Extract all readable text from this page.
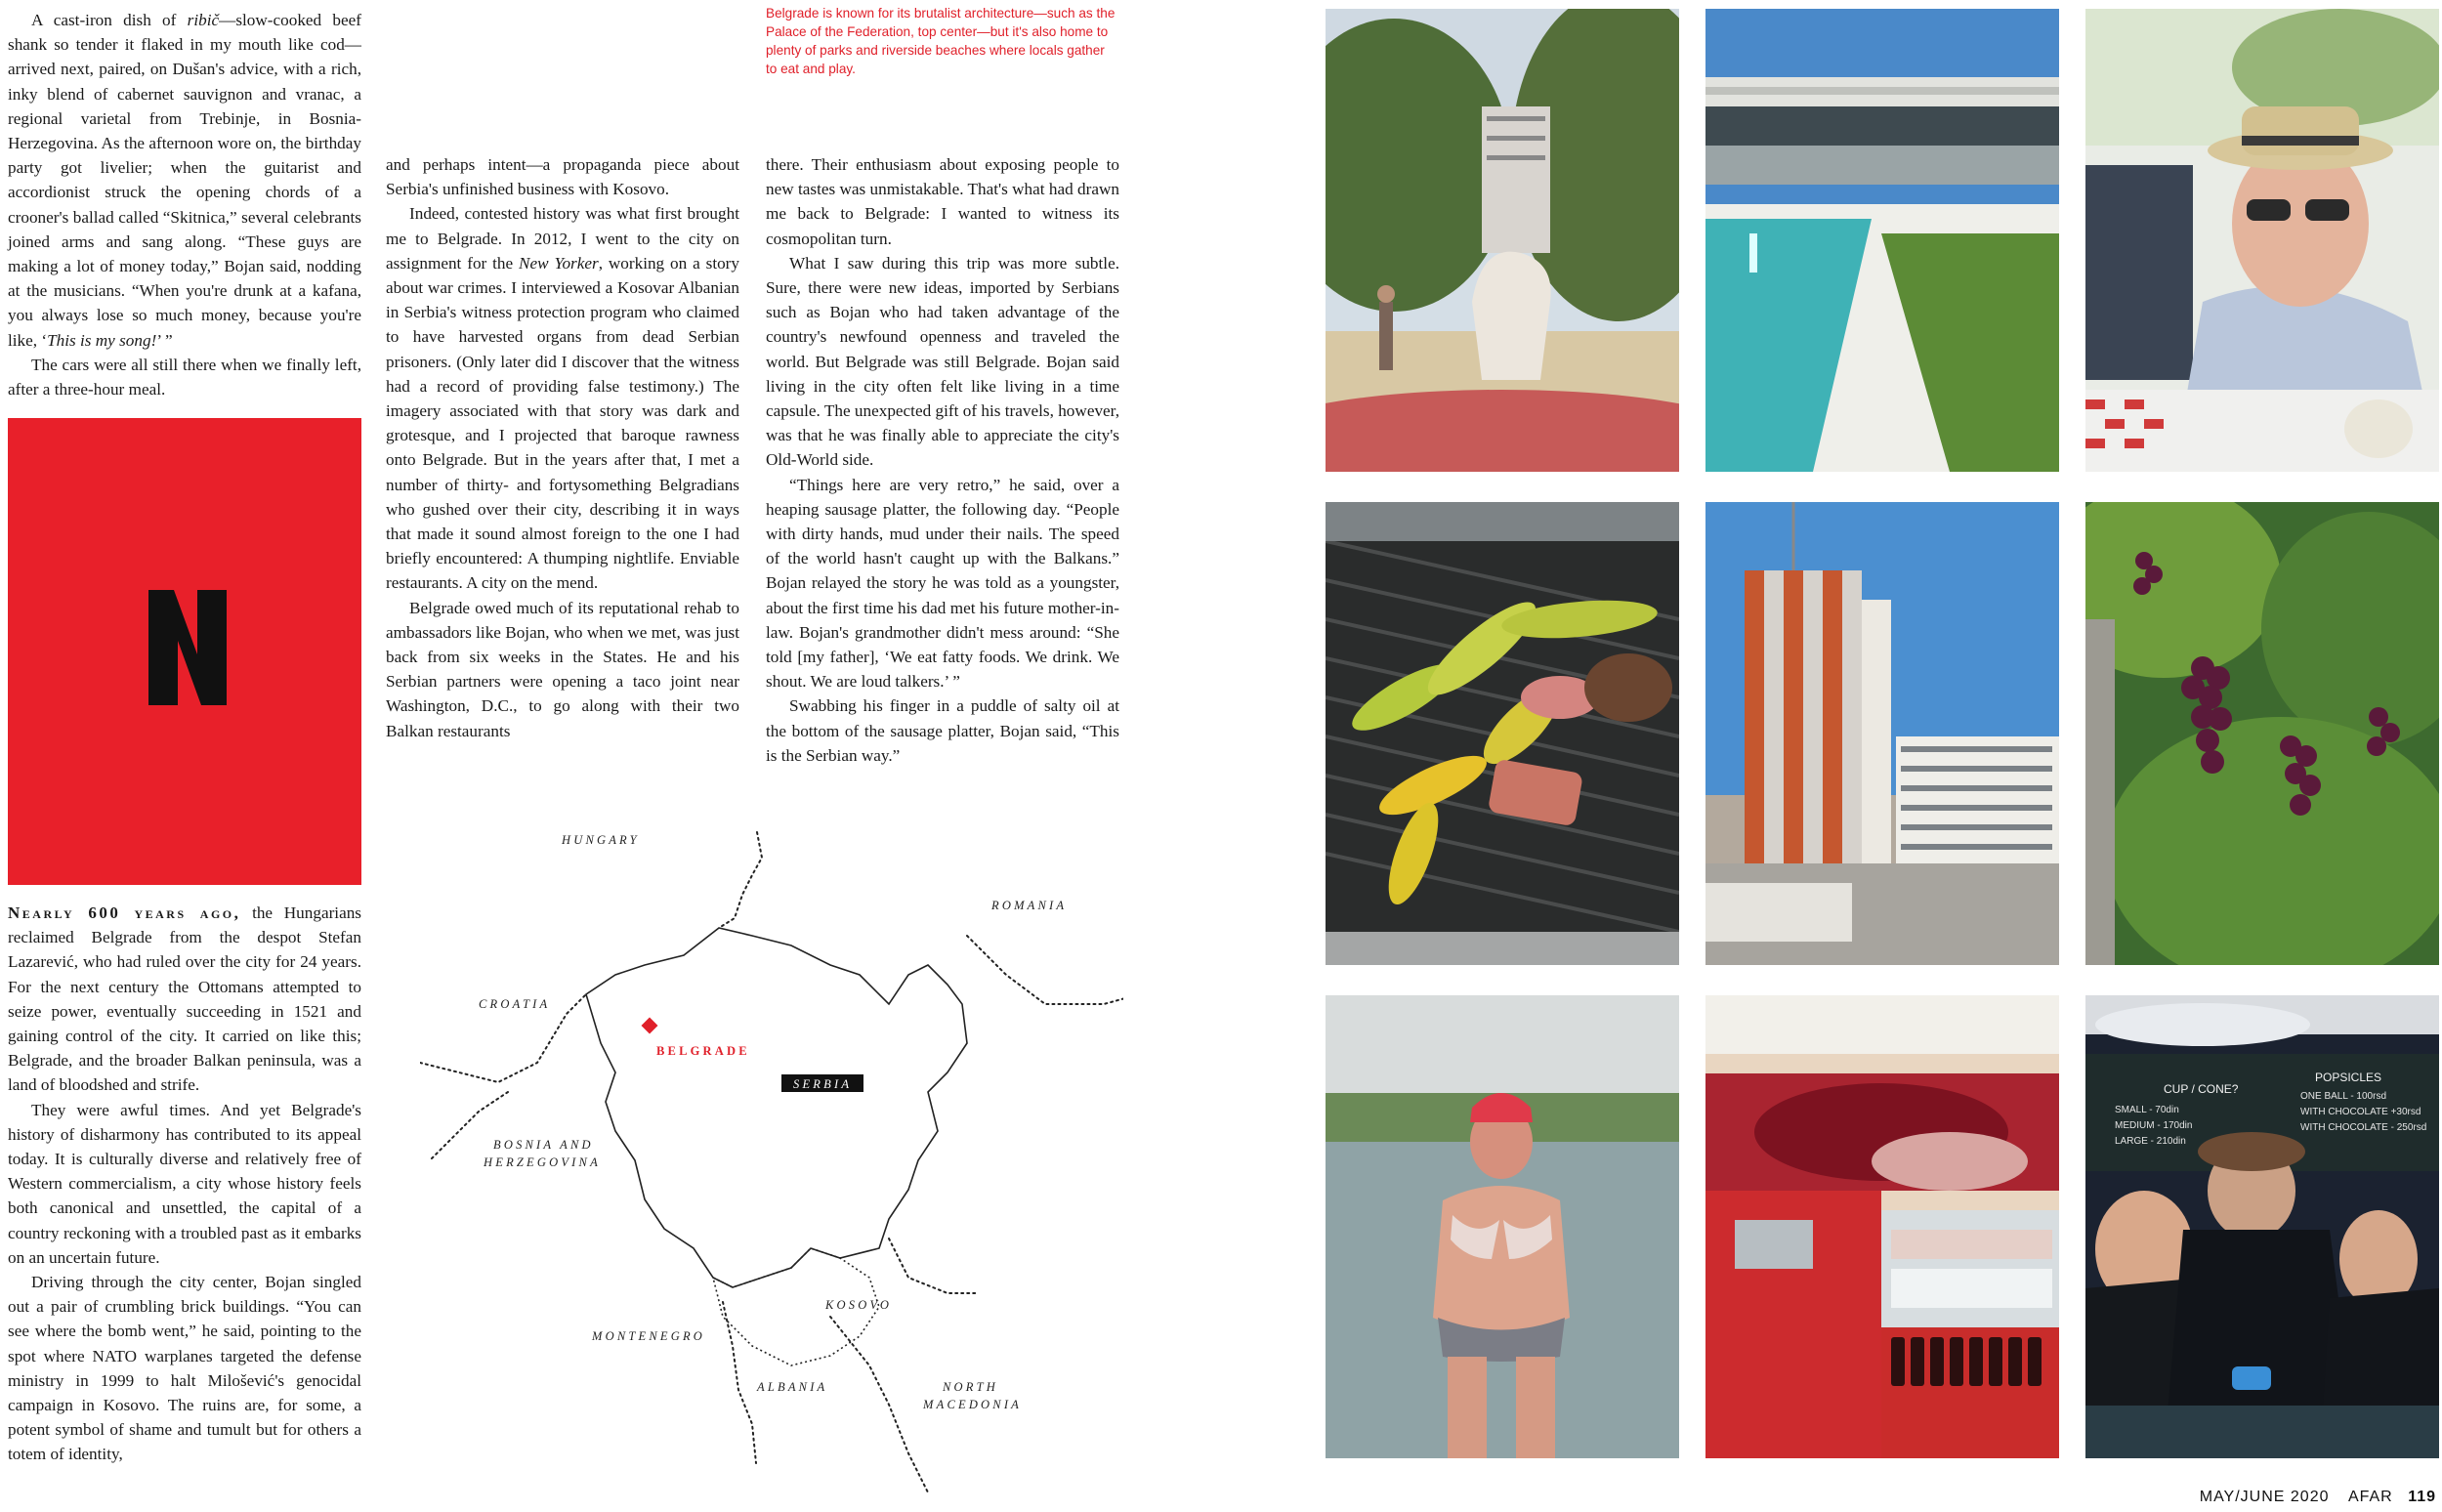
Belgrade is known for its brutalist architecture—such as the Palace of the Federation, top center—but it's also home to plenty of parks and riverside beaches where locals gather to eat and play.

A cast-iron dish of ribič—slow-cooked beef shank so tender it flaked in my mouth like cod—arrived next, paired, on Dušan's advice, with a rich, inky blend of cabernet sauvignon and vranac, a regional varietal from Trebinje, in Bosnia-Herzegovina. As the afternoon wore on, the birthday party got livelier; when the guitarist and accordionist struck the opening chords of a crooner's ballad called “Skitnica,” several celebrants joined arms and sang along. “These guys are making a lot of money today,” Bojan said, nodding at the musicians. “When you're drunk at a kafana, you always lose so much money, because you're like, ‘This is my song!’ ”

The cars were all still there when we finally left, after a three-hour meal.

Nearly 600 years ago, the Hungarians reclaimed Belgrade from the despot Stefan Lazarević, who had ruled over the city for 24 years. For the next century the Ottomans attempted to seize power, eventually succeeding in 1521 and gaining control of the city. It carried on like this; Belgrade, and the broader Balkan peninsula, was a land of bloodshed and strife.

They were awful times. And yet Belgrade's history of disharmony has contributed to its appeal today. It is culturally diverse and relatively free of Western commercialism, a city whose history feels both canonical and unsettled, the capital of a country reckoning with a troubled past as it embarks on an uncertain future.

Driving through the city center, Bojan singled out a pair of crumbling brick buildings. “You can see where the bomb went,” he said, pointing to the spot where NATO warplanes targeted the defense ministry in 1999 to halt Milošević's genocidal campaign in Kosovo. The ruins are, for some, a potent symbol of shame and tumult but for others a totem of identity,

and perhaps intent—a propaganda piece about Serbia's unfinished business with Kosovo.

Indeed, contested history was what first brought me to Belgrade. In 2012, I went to the city on assignment for the New Yorker, working on a story about war crimes. I interviewed a Kosovar Albanian in Serbia's witness protection program who claimed to have harvested organs from dead Serbian prisoners. (Only later did I discover that the witness had a record of providing false testimony.) The imagery associated with that story was dark and grotesque, and I projected that baroque rawness onto Belgrade. But in the years after that, I met a number of thirty- and fortysomething Belgradians who gushed over their city, describing it in ways that made it sound almost foreign to the one I had briefly encountered: A thumping nightlife. Enviable restaurants. A city on the mend.

Belgrade owed much of its reputational rehab to ambassadors like Bojan, who when we met, was just back from six weeks in the States. He and his Serbian partners were opening a taco joint near Washington, D.C., to go along with their two Balkan restaurants

there. Their enthusiasm about exposing people to new tastes was unmistakable. That's what had drawn me back to Belgrade: I wanted to witness its cosmopolitan turn.

What I saw during this trip was more subtle. Sure, there were new ideas, imported by Serbians such as Bojan who had taken advantage of the country's newfound openness and traveled the world. But Belgrade was still Belgrade. Bojan said living in the city often felt like living in a time capsule. The unexpected gift of his travels, however, was that he was finally able to appreciate the city's Old-World side.

“Things here are very retro,” he said, over a heaping sausage platter, the following day. “People with dirty hands, mud under their nails. The speed of the world hasn't caught up with the Balkans.” Bojan relayed the story he was told as a youngster, about the first time his dad met his future mother-in-law. Bojan's grandmother didn't mess around: “She told [my father], ‘We eat fatty foods. We drink. We shout. We are loud talkers.’ ”

Swabbing his finger in a puddle of salty oil at the bottom of the sausage platter, Bojan said, “This is the Serbian way.”

HUNGARY
ROMANIA
CROATIA
BELGRADE
SERBIA
BOSNIA AND
HERZEGOVINA
KOSOVO
MONTENEGRO
ALBANIA	NORTH
MACEDONIA
CUP / CONE?
POPSICLES
SMALL - 70din
MEDIUM - 170din
LARGE - 210din
ONE BALL - 100rsd
WITH CHOCOLATE +30rsd
WITH CHOCOLATE - 250rsd
MAY/JUNE 2020 AFAR 119
